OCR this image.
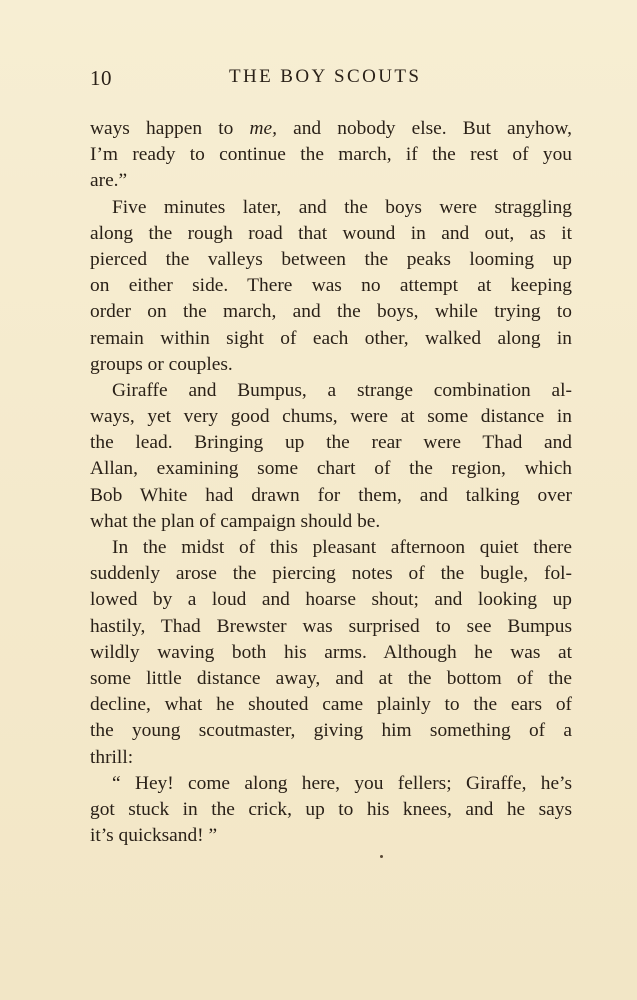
10	THE BOY SCOUTS
ways happen to me, and nobody else. But anyhow,
I’m ready to continue the march, if the rest of you
are.”
Five minutes later, and the boys were straggling
along the rough road that wound in and out, as it
pierced the valleys between the peaks looming up
on either side. There was no attempt at keeping
order on the march, and the boys, while trying to
remain within sight of each other, walked along in
groups or couples.
Giraffe and Bumpus, a strange combination al-
ways, yet very good chums, were at some distance in
the lead. Bringing up the rear were Thad and
Allan, examining some chart of the region, which
Bob White had drawn for them, and talking over
what the plan of campaign should be.
In the midst of this pleasant afternoon quiet there
suddenly arose the piercing notes of the bugle, fol-
lowed by a loud and hoarse shout; and looking up
hastily, Thad Brewster was surprised to see Bumpus
wildly waving both his arms. Although he was at
some little distance away, and at the bottom of the
decline, what he shouted came plainly to the ears of
the young scoutmaster, giving him something of a
thrill:
“ Hey! come along here, you fellers; Giraffe, he’s
got stuck in the crick, up to his knees, and he says
it’s quicksand! ”
